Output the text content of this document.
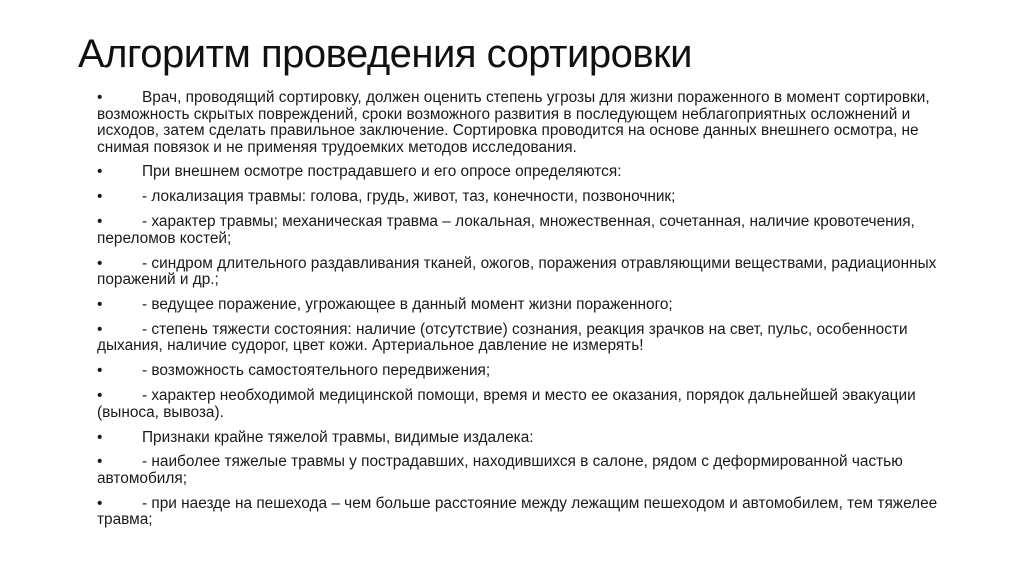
Алгоритм проведения сортировки
•	Врач, проводящий сортировку, должен оценить степень угрозы для жизни пораженного в момент сортировки, возможность скрытых повреждений, сроки возможного развития в последующем неблагоприятных осложнений и исходов, затем сделать правильное заключение. Сортировка проводится на основе данных внешнего осмотра, не снимая повязок и не применяя трудоемких методов исследования.
•	При внешнем осмотре пострадавшего и его опросе определяются:
•	- локализация травмы: голова, грудь, живот, таз, конечности, позвоночник;
•	- характер травмы; механическая травма – локальная, множественная, сочетанная, наличие кровотечения, переломов костей;
•	- синдром длительного раздавливания тканей, ожогов, поражения отравляющими веществами, радиационных поражений и др.;
•	- ведущее поражение, угрожающее в данный момент жизни пораженного;
•	- степень тяжести состояния: наличие (отсутствие) сознания, реакция зрачков на свет, пульс, особенности дыхания, наличие судорог, цвет кожи. Артериальное давление не измерять!
•	- возможность самостоятельного передвижения;
•	- характер необходимой медицинской помощи, время и место ее оказания, порядок дальнейшей эвакуации (выноса, вывоза).
•	Признаки крайне тяжелой травмы, видимые издалека:
•	- наиболее тяжелые травмы у пострадавших, находившихся в салоне, рядом с деформированной частью автомобиля;
•	- при наезде на пешехода – чем больше расстояние между лежащим пешеходом и автомобилем, тем тяжелее травма;
